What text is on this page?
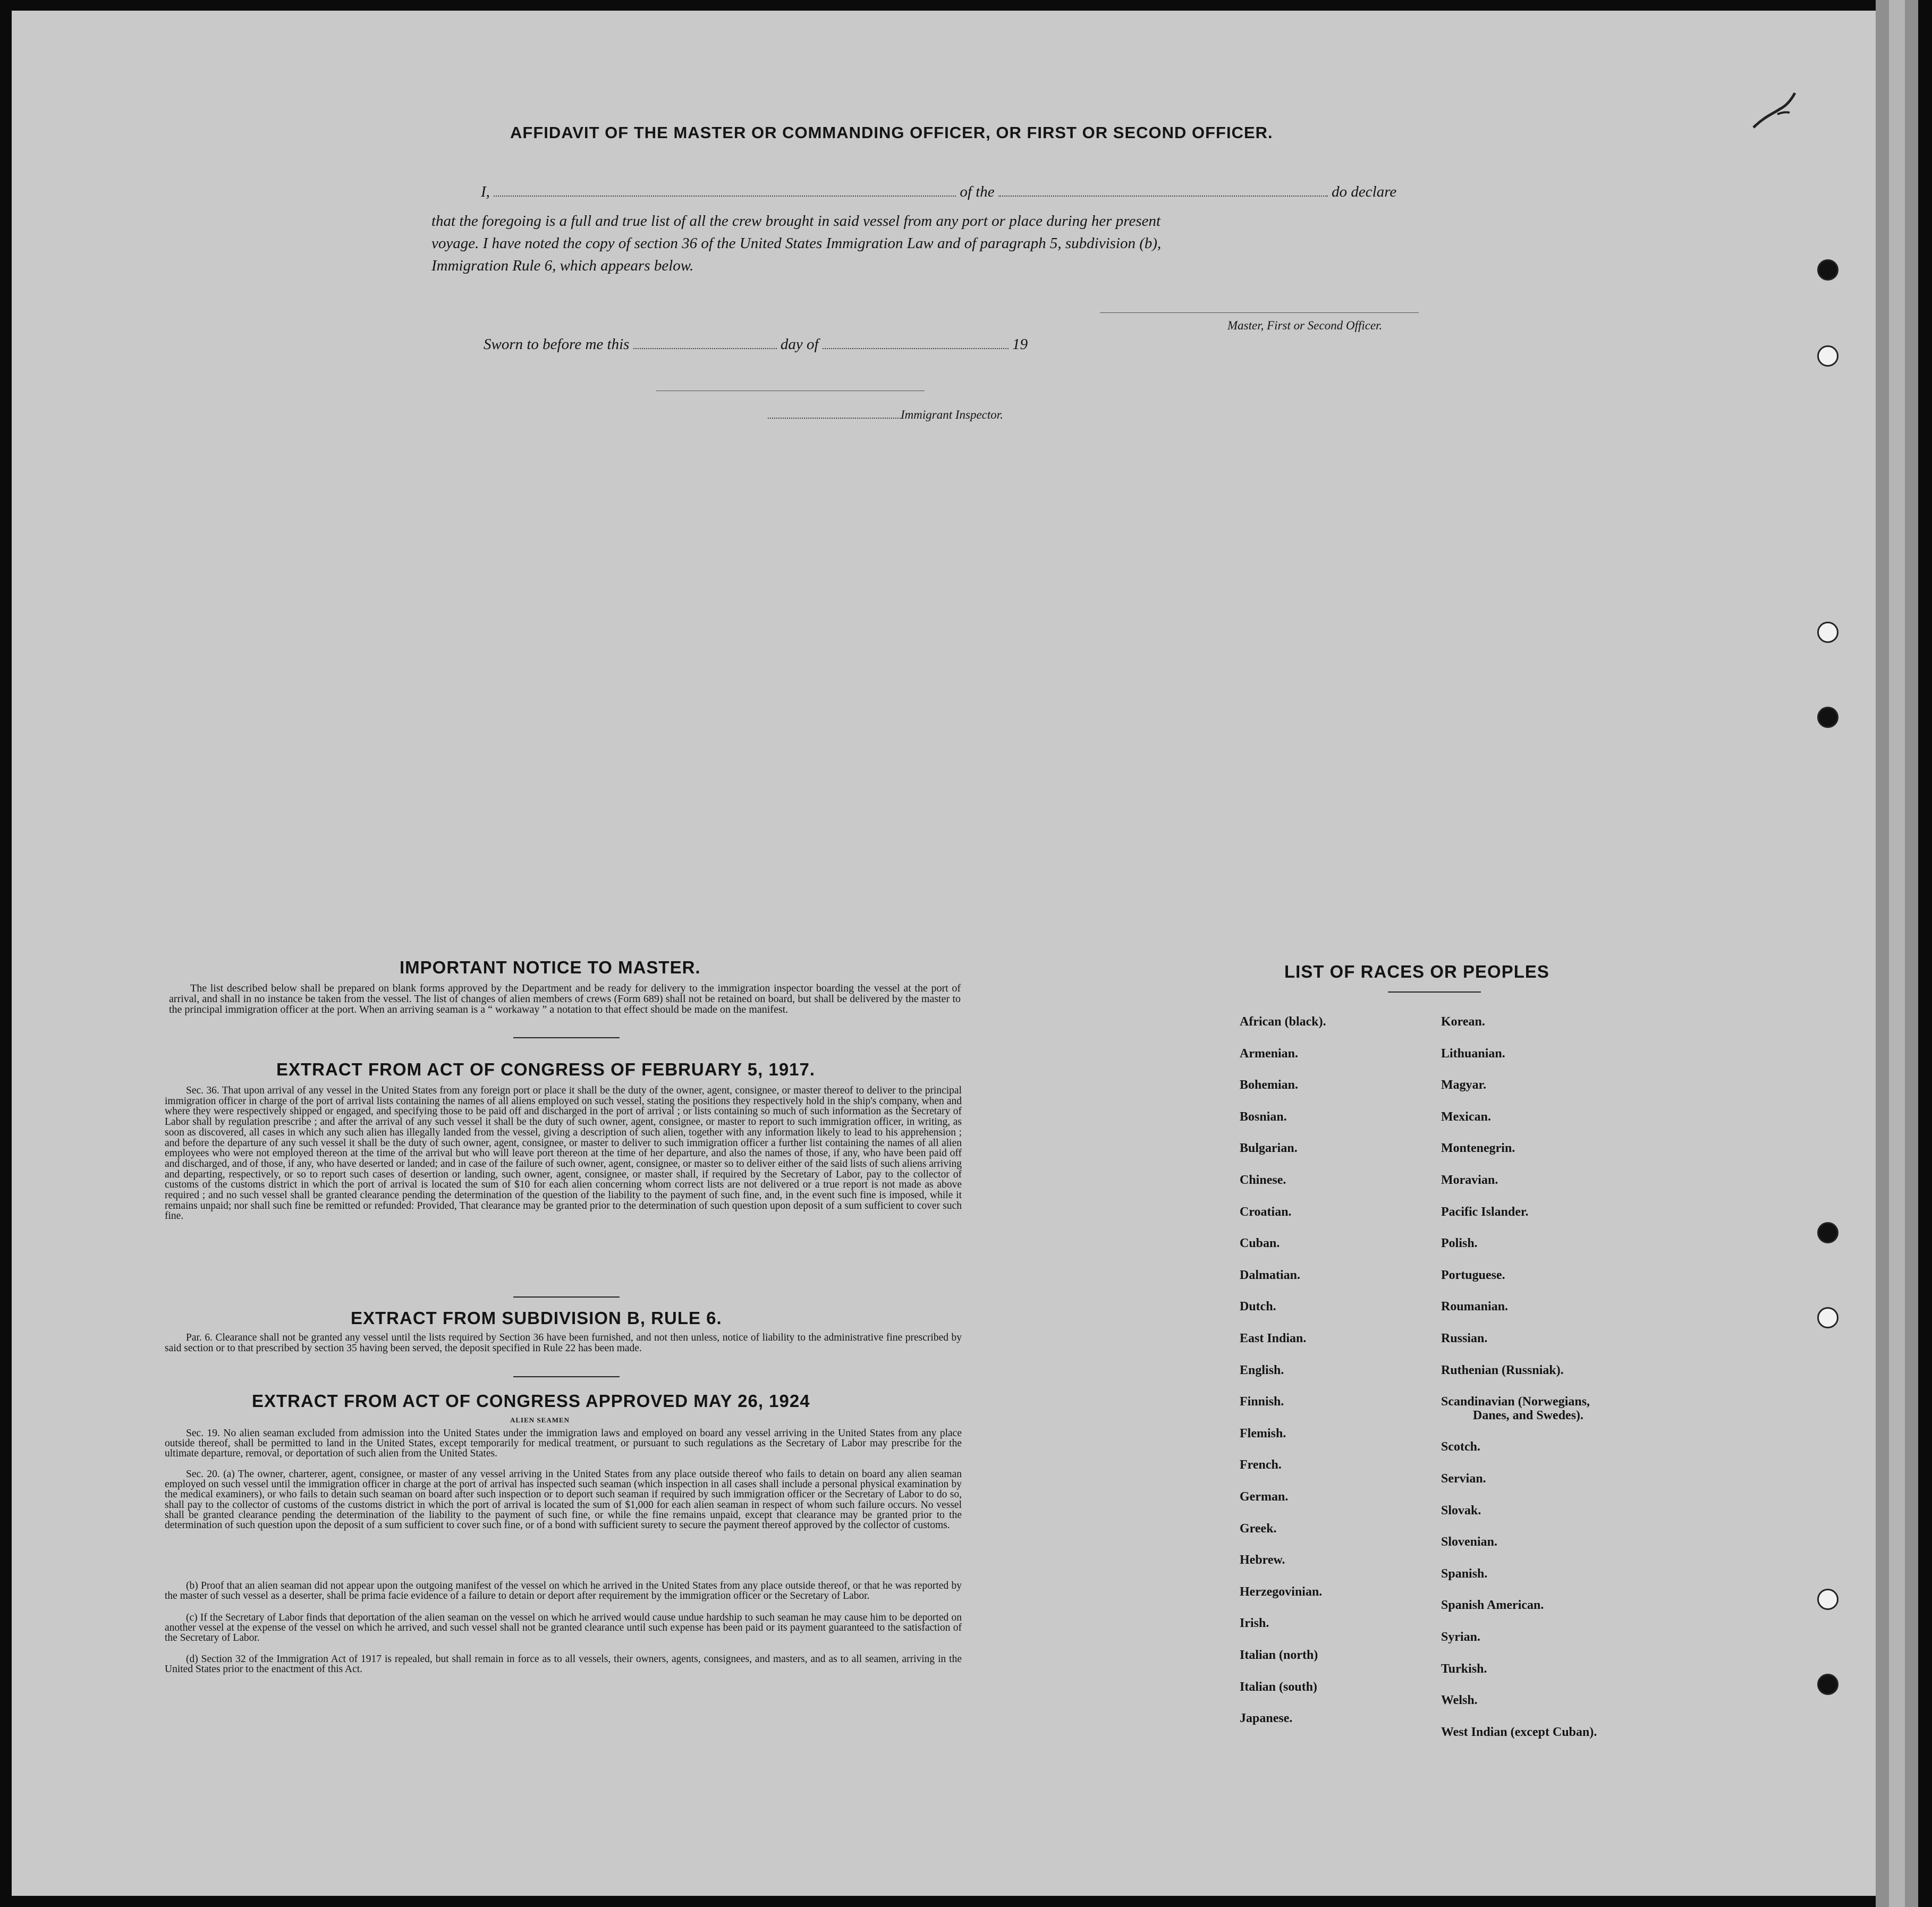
AFFIDAVIT OF THE MASTER OR COMMANDING OFFICER, OR FIRST OR SECOND OFFICER.
I,	of the	do declare
that the foregoing is a full and true list of all the crew brought in said vessel from any port or place during her present
voyage. I have noted the copy of section 36 of the United States Immigration Law and of paragraph 5, subdivision (b),
Immigration Rule 6, which appears below.
Master, First or Second Officer.
Sworn to before me this	day of	19
Immigrant Inspector.
IMPORTANT NOTICE TO MASTER.
The list described below shall be prepared on blank forms approved by the Department and be ready for delivery to the immigration inspector boarding the vessel at the port of arrival, and shall in no instance be taken from the vessel. The list of changes of alien members of crews (Form 689) shall not be retained on board, but shall be delivered by the master to the principal immigration officer at the port. When an arriving seaman is a “ workaway ” a notation to that effect should be made on the manifest.
EXTRACT FROM ACT OF CONGRESS OF FEBRUARY 5, 1917.
Sec. 36. That upon arrival of any vessel in the United States from any foreign port or place it shall be the duty of the owner, agent, consignee, or master thereof to deliver to the principal immigration officer in charge of the port of arrival lists containing the names of all aliens employed on such vessel, stating the positions they respectively hold in the ship's company, when and where they were respectively shipped or engaged, and specifying those to be paid off and discharged in the port of arrival ; or lists containing so much of such information as the Secretary of Labor shall by regulation prescribe ; and after the arrival of any such vessel it shall be the duty of such owner, agent, consignee, or master to report to such immigration officer, in writing, as soon as discovered, all cases in which any such alien has illegally landed from the vessel, giving a description of such alien, together with any information likely to lead to his apprehension ; and before the departure of any such vessel it shall be the duty of such owner, agent, consignee, or master to deliver to such immigration officer a further list containing the names of all alien employees who were not employed thereon at the time of the arrival but who will leave port thereon at the time of her departure, and also the names of those, if any, who have been paid off and discharged, and of those, if any, who have deserted or landed; and in case of the failure of such owner, agent, consignee, or master so to deliver either of the said lists of such aliens arriving and departing, respectively, or so to report such cases of desertion or landing, such owner, agent, consignee, or master shall, if required by the Secretary of Labor, pay to the collector of customs of the customs district in which the port of arrival is located the sum of $10 for each alien concerning whom correct lists are not delivered or a true report is not made as above required ; and no such vessel shall be granted clearance pending the determination of the question of the liability to the payment of such fine, and, in the event such fine is imposed, while it remains unpaid; nor shall such fine be remitted or refunded: Provided, That clearance may be granted prior to the determination of such question upon deposit of a sum sufficient to cover such fine.
EXTRACT FROM SUBDIVISION B, RULE 6.
Par. 6. Clearance shall not be granted any vessel until the lists required by Section 36 have been furnished, and not then unless, notice of liability to the administrative fine prescribed by said section or to that prescribed by section 35 having been served, the deposit specified in Rule 22 has been made.
EXTRACT FROM ACT OF CONGRESS APPROVED MAY 26, 1924
ALIEN SEAMEN
Sec. 19. No alien seaman excluded from admission into the United States under the immigration laws and employed on board any vessel arriving in the United States from any place outside thereof, shall be permitted to land in the United States, except temporarily for medical treatment, or pursuant to such regulations as the Secretary of Labor may prescribe for the ultimate departure, removal, or deportation of such alien from the United States.
Sec. 20. (a) The owner, charterer, agent, consignee, or master of any vessel arriving in the United States from any place outside thereof who fails to detain on board any alien seaman employed on such vessel until the immigration officer in charge at the port of arrival has inspected such seaman (which inspection in all cases shall include a personal physical examination by the medical examiners), or who fails to detain such seaman on board after such inspection or to deport such seaman if required by such immigration officer or the Secretary of Labor to do so, shall pay to the collector of customs of the customs district in which the port of arrival is located the sum of $1,000 for each alien seaman in respect of whom such failure occurs. No vessel shall be granted clearance pending the determination of the liability to the payment of such fine, or while the fine remains unpaid, except that clearance may be granted prior to the determination of such question upon the deposit of a sum sufficient to cover such fine, or of a bond with sufficient surety to secure the payment thereof approved by the collector of customs.
(b) Proof that an alien seaman did not appear upon the outgoing manifest of the vessel on which he arrived in the United States from any place outside thereof, or that he was reported by the master of such vessel as a deserter, shall be prima facie evidence of a failure to detain or deport after requirement by the immigration officer or the Secretary of Labor.
(c) If the Secretary of Labor finds that deportation of the alien seaman on the vessel on which he arrived would cause undue hardship to such seaman he may cause him to be deported on another vessel at the expense of the vessel on which he arrived, and such vessel shall not be granted clearance until such expense has been paid or its payment guaranteed to the satisfaction of the Secretary of Labor.
(d) Section 32 of the Immigration Act of 1917 is repealed, but shall remain in force as to all vessels, their owners, agents, consignees, and masters, and as to all seamen, arriving in the United States prior to the enactment of this Act.
LIST OF RACES OR PEOPLES
African (black).
Armenian.
Bohemian.
Bosnian.
Bulgarian.
Chinese.
Croatian.
Cuban.
Dalmatian.
Dutch.
East Indian.
English.
Finnish.
Flemish.
French.
German.
Greek.
Hebrew.
Herzegovinian.
Irish.
Italian (north)
Italian (south)
Japanese.
Korean.
Lithuanian.
Magyar.
Mexican.
Montenegrin.
Moravian.
Pacific Islander.
Polish.
Portuguese.
Roumanian.
Russian.
Ruthenian (Russniak).
Scandinavian (Norwegians,
Danes, and Swedes).
Scotch.
Servian.
Slovak.
Slovenian.
Spanish.
Spanish American.
Syrian.
Turkish.
Welsh.
West Indian (except Cuban).
